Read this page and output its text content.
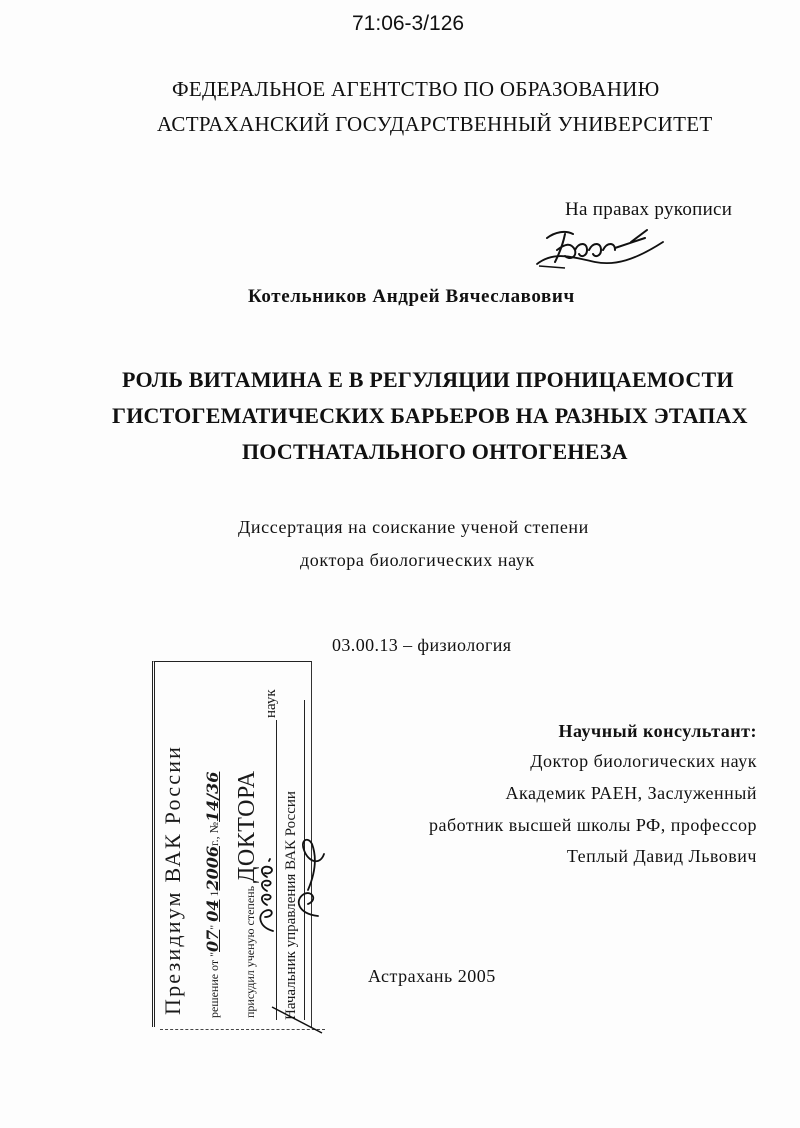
71:06-3/126
ФЕДЕРАЛЬНОЕ АГЕНТСТВО ПО ОБРАЗОВАНИЮ
АСТРАХАНСКИЙ ГОСУДАРСТВЕННЫЙ УНИВЕРСИТЕТ
На правах рукописи
Котельников Андрей Вячеславович
РОЛЬ ВИТАМИНА Е В РЕГУЛЯЦИИ ПРОНИЦАЕМОСТИ
ГИСТОГЕМАТИЧЕСКИХ БАРЬЕРОВ НА РАЗНЫХ ЭТАПАХ
ПОСТНАТАЛЬНОГО ОНТОГЕНЕЗА
Диссертация на соискание ученой степени
доктора биологических наук
03.00.13 – физиология
Научный консультант:
Доктор биологических наук
Академик РАЕН, Заслуженный
работник высшей школы РФ, профессор
Теплый Давид Львович
Астрахань 2005
Президиум ВАК России	решение от "07" 04 12006г., №14/36
присудил ученую степень ДОКТОРА
наук
Начальник управления ВАК России
